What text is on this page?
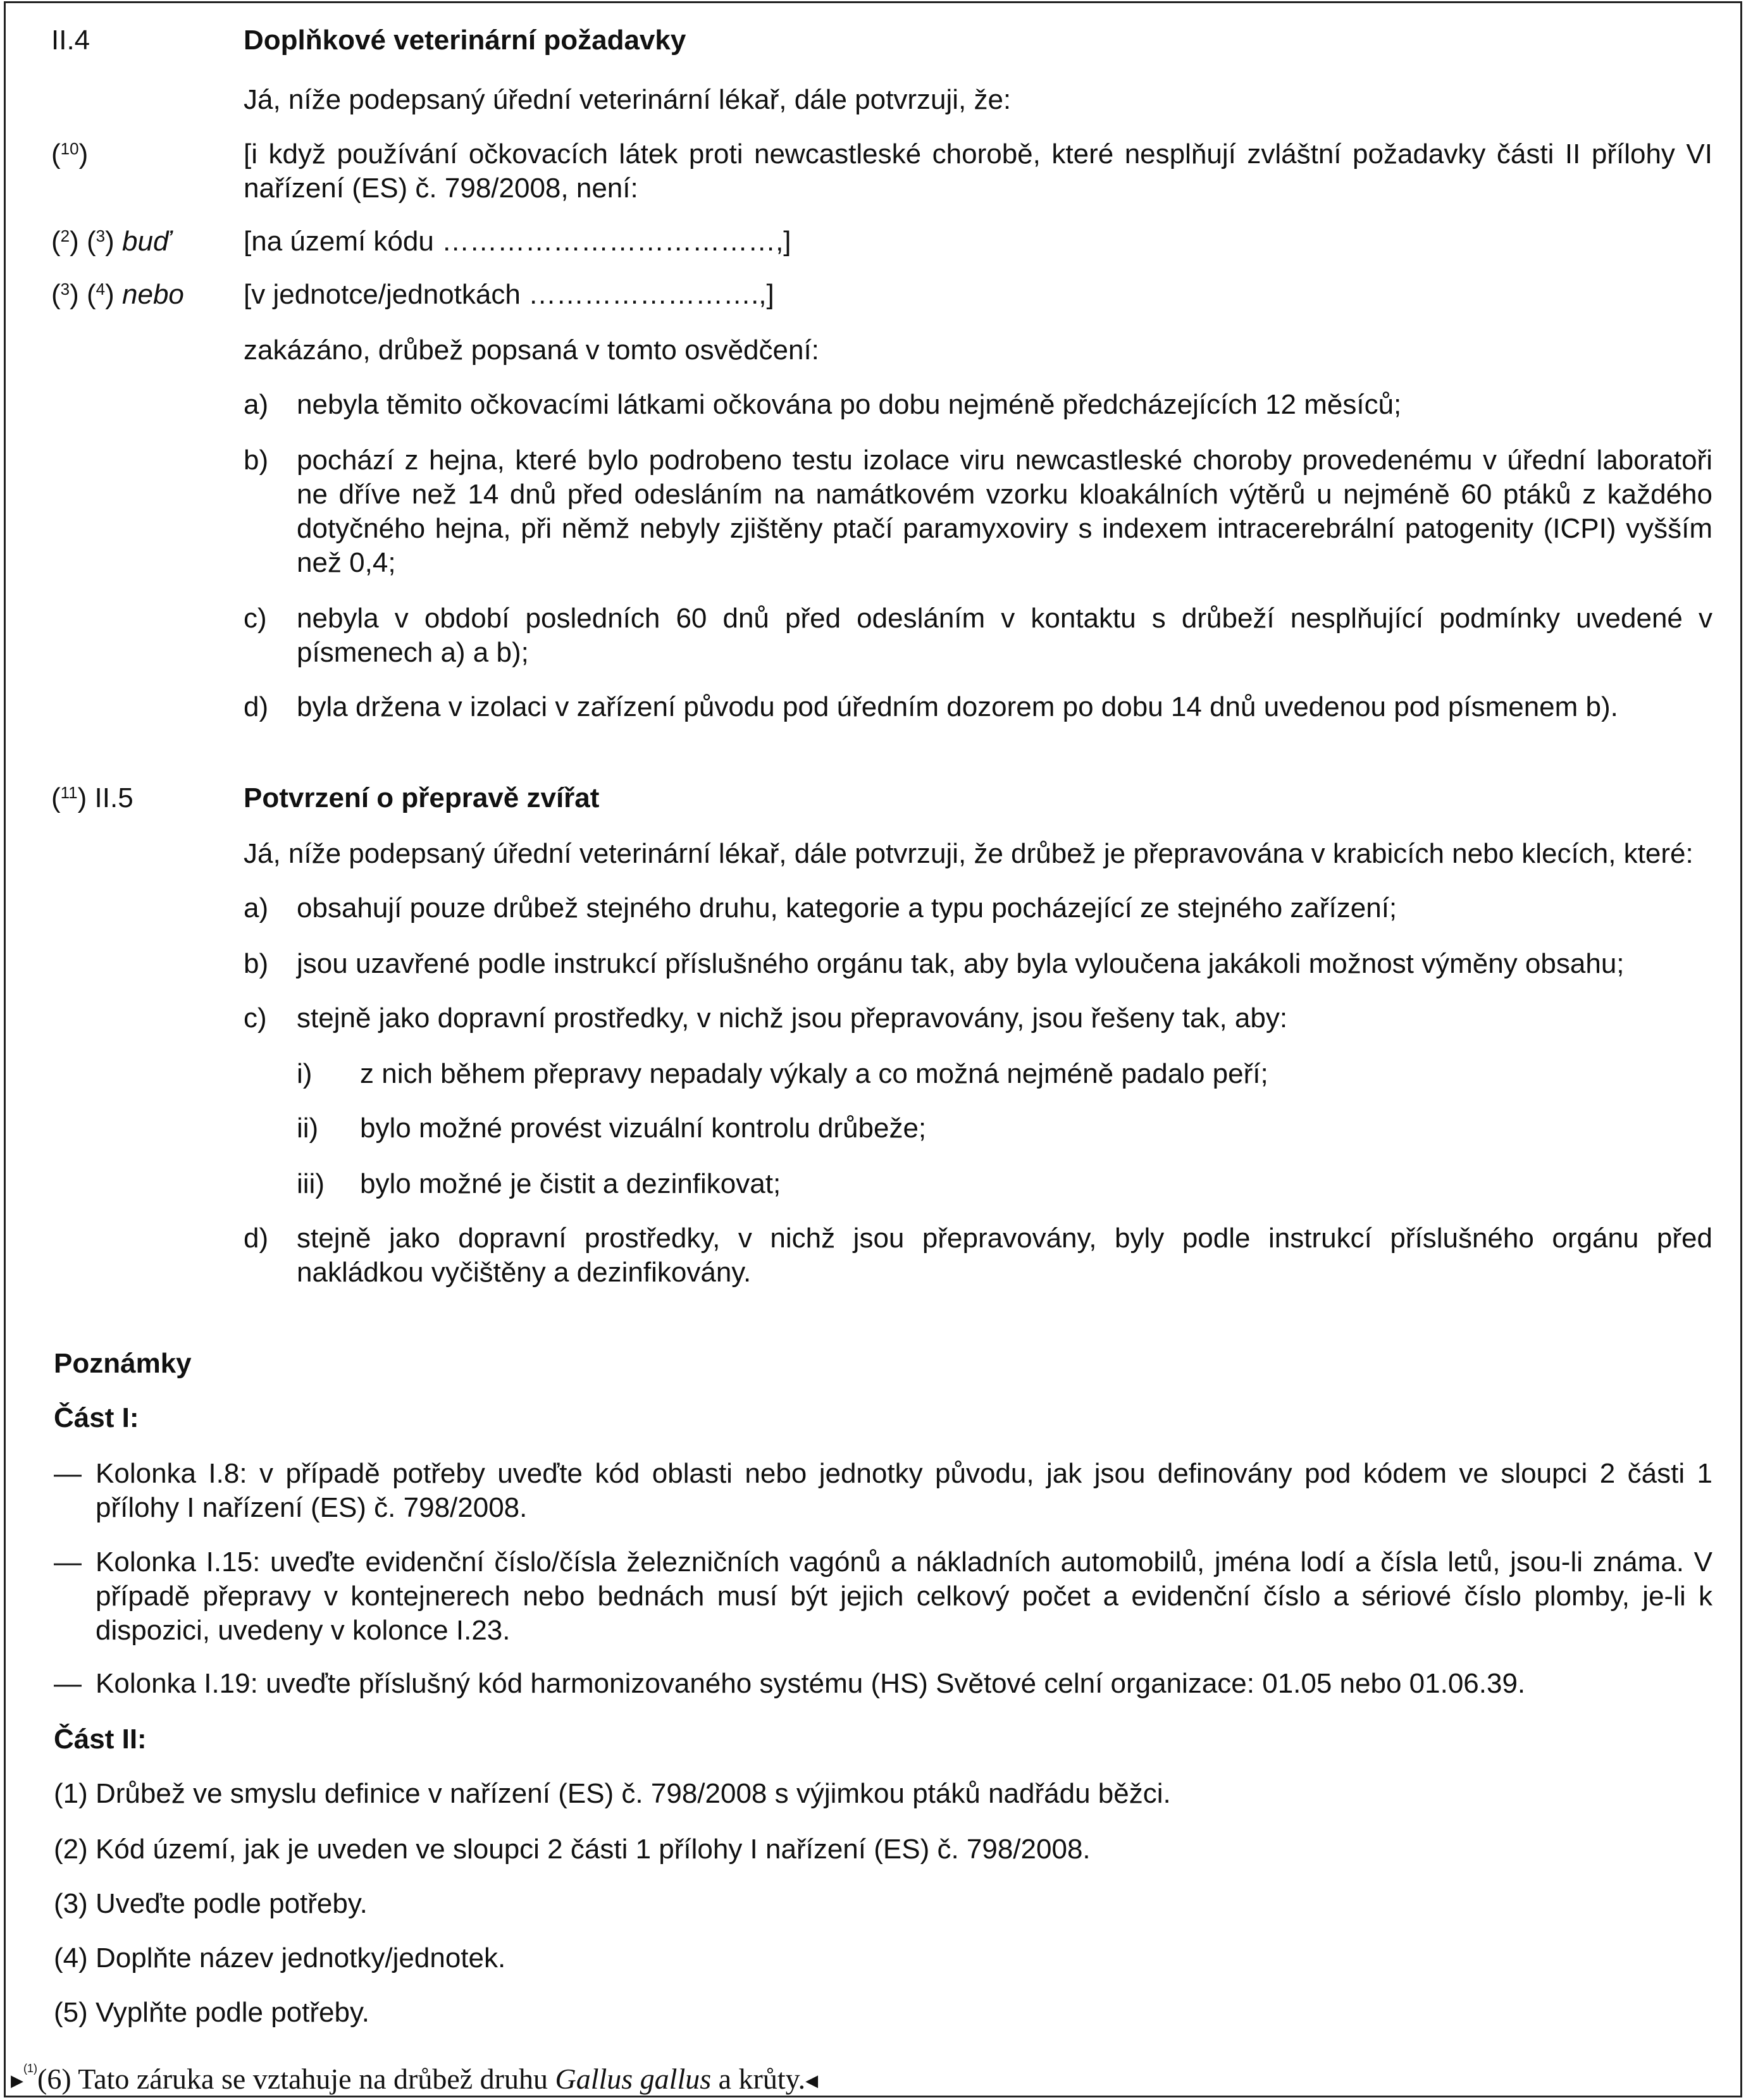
II.4	Doplňkové veterinární požadavky
Já, níže podepsaný úřední veterinární lékař, dále potvrzuji, že:
($^{10}$)	[i když používání očkovacích látek proti newcastleské chorobě, které nesplňují zvláštní požadavky části II přílohy VI nařízení (ES) č. 798/2008, není:
($^2$) ($^3$) buď	[na území kódu ………………………………,]
($^3$) ($^4$) nebo [v jednotce/jednotkách …………………….,]
zakázáno, drůbež popsaná v tomto osvědčení:
a) nebyla těmito očkovacími látkami očkována po dobu nejméně předcházejících 12 měsíců;
b) pochází z hejna, které bylo podrobeno testu izolace viru newcastleské choroby provedenému v úřední laboratoři ne dříve než 14 dnů před odesláním na namátkovém vzorku kloakálních výtěrů u nejméně 60 ptáků z každého dotyčného hejna, při němž nebyly zjištěny ptačí paramyxoviry s indexem intracerebrální patogenity (ICPI) vyšším než 0,4;
c) nebyla v období posledních 60 dnů před odesláním v kontaktu s drůbeží nesplňující podmínky uvedené v písmenech a) a b);
d) byla držena v izolaci v zařízení původu pod úředním dozorem po dobu 14 dnů uvedenou pod písmenem b).
($^{11}$) II.5	Potvrzení o přepravě zvířat
Já, níže podepsaný úřední veterinární lékař, dále potvrzuji, že drůbež je přepravována v krabicích nebo klecích, které:
a) obsahují pouze drůbež stejného druhu, kategorie a typu pocházející ze stejného zařízení;
b) jsou uzavřené podle instrukcí příslušného orgánu tak, aby byla vyloučena jakákoli možnost výměny obsahu;
c) stejně jako dopravní prostředky, v nichž jsou přepravovány, jsou řešeny tak, aby:
i) z nich během přepravy nepadaly výkaly a co možná nejméně padalo peří;
ii) bylo možné provést vizuální kontrolu drůbeže;
iii) bylo možné je čistit a dezinfikovat;
d) stejně jako dopravní prostředky, v nichž jsou přepravovány, byly podle instrukcí příslušného orgánu před nakládkou vyčištěny a dezinfikovány.
Poznámky
Část I:
— Kolonka I.8: v případě potřeby uveďte kód oblasti nebo jednotky původu, jak jsou definovány pod kódem ve sloupci 2 části 1 přílohy I nařízení (ES) č. 798/2008.
— Kolonka I.15: uveďte evidenční číslo/čísla železničních vagónů a nákladních automobilů, jména lodí a čísla letů, jsou-li známa. V případě přepravy v kontejnerech nebo bednách musí být jejich celkový počet a evidenční číslo a sériové číslo plomby, je-li k dispozici, uvedeny v kolonce I.23.
— Kolonka I.19: uveďte příslušný kód harmonizovaného systému (HS) Světové celní organizace: 01.05 nebo 01.06.39.
Část II:
(1) Drůbež ve smyslu definice v nařízení (ES) č. 798/2008 s výjimkou ptáků nadřádu běžci.
(2) Kód území, jak je uveden ve sloupci 2 části 1 přílohy I nařízení (ES) č. 798/2008.
(3) Uveďte podle potřeby.
(4) Doplňte název jednotky/jednotek.
(5) Vyplňte podle potřeby.
▶$^{(1)}$(6) Tato záruka se vztahuje na drůbež druhu Gallus gallus a krůty.◀
